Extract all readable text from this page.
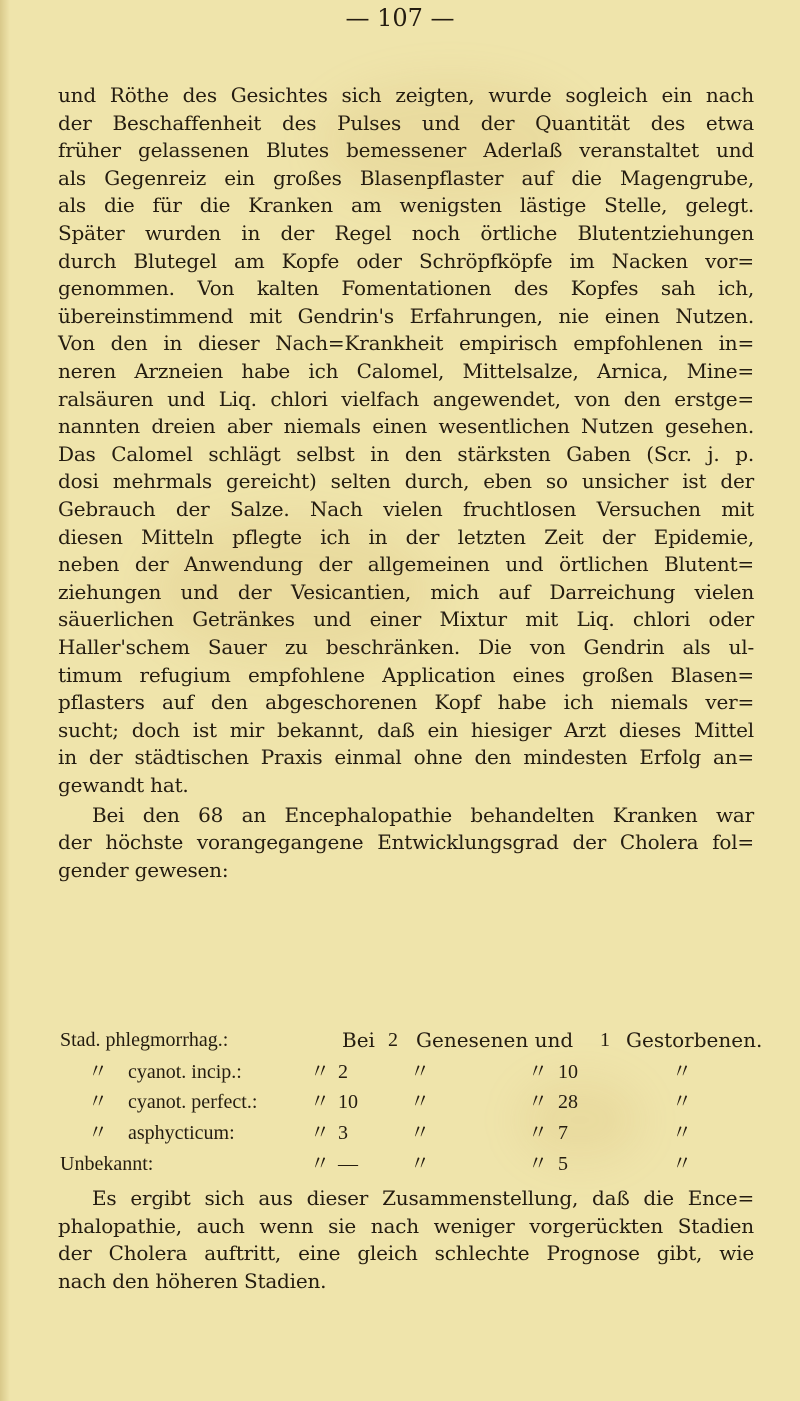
— 107 —
und Röthe des Gesichtes sich zeigten, wurde sogleich ein nach
der Beschaffenheit des Pulses und der Quantität des etwa
früher gelassenen Blutes bemessener Aderlaß veranstaltet und
als Gegenreiz ein großes Blasenpflaster auf die Magengrube,
als die für die Kranken am wenigsten lästige Stelle, gelegt.
Später wurden in der Regel noch örtliche Blutentziehungen
durch Blutegel am Kopfe oder Schröpfköpfe im Nacken vor=
genommen. Von kalten Fomentationen des Kopfes sah ich,
übereinstimmend mit Gendrin's Erfahrungen, nie einen Nutzen.
Von den in dieser Nach=Krankheit empirisch empfohlenen in=
neren Arzneien habe ich Calomel, Mittelsalze, Arnica, Mine=
ralsäuren und Liq. chlori vielfach angewendet, von den erstge=
nannten dreien aber niemals einen wesentlichen Nutzen gesehen.
Das Calomel schlägt selbst in den stärksten Gaben (Scr. j. p.
dosi mehrmals gereicht) selten durch, eben so unsicher ist der
Gebrauch der Salze. Nach vielen fruchtlosen Versuchen mit
diesen Mitteln pflegte ich in der letzten Zeit der Epidemie,
neben der Anwendung der allgemeinen und örtlichen Blutent=
ziehungen und der Vesicantien, mich auf Darreichung vielen
säuerlichen Getränkes und einer Mixtur mit Liq. chlori oder
Haller'schem Sauer zu beschränken. Die von Gendrin als ul-
timum refugium empfohlene Application eines großen Blasen=
pflasters auf den abgeschorenen Kopf habe ich niemals ver=
sucht; doch ist mir bekannt, daß ein hiesiger Arzt dieses Mittel
in der städtischen Praxis einmal ohne den mindesten Erfolg an=
gewandt hat.
Bei den 68 an Encephalopathie behandelten Kranken war
der höchste vorangegangene Entwicklungsgrad der Cholera fol=
gender gewesen:
Stad. phlegmorrhag.:	Bei 2 Genesenen und 1 Gestorbenen.
〃 cyanot. incip.:	〃 2	〃	〃 10	〃
〃 cyanot. perfect.:	〃 10	〃	〃 28	〃
〃 asphycticum:	〃 3	〃	〃 7	〃
Unbekannt:	〃 —	〃	〃 5	〃
Es ergibt sich aus dieser Zusammenstellung, daß die Ence=
phalopathie, auch wenn sie nach weniger vorgerückten Stadien
der Cholera auftritt, eine gleich schlechte Prognose gibt, wie
nach den höheren Stadien.
